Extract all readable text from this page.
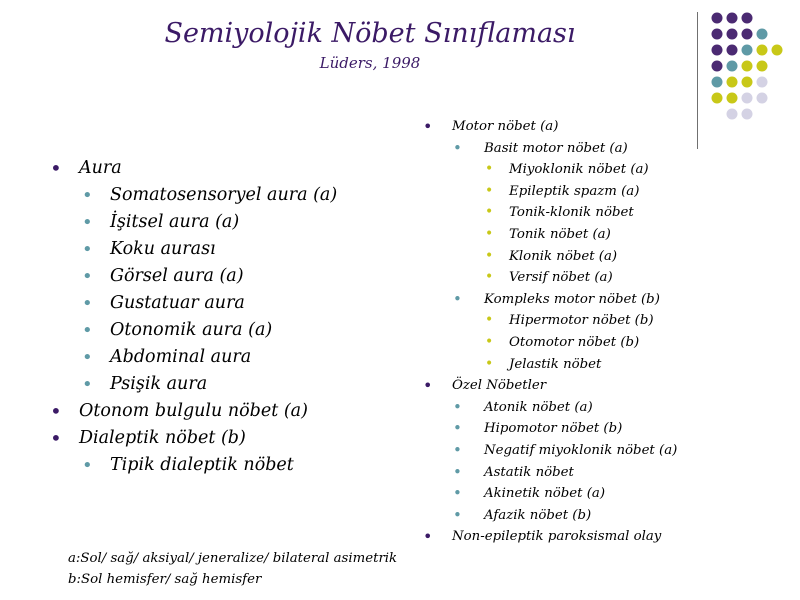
Semiyolojik Nöbet Sınıflaması
Lüders, 1998
• Aura
• Somatosensoryel aura (a)
• İşitsel aura (a)
• Koku aurası
• Görsel aura (a)
• Gustatuar aura
• Otonomik aura (a)
• Abdominal aura
• Psişik aura
• Otonom bulgulu nöbet (a)
• Dialeptik nöbet (b)
• Tipik dialeptik nöbet
• Motor nöbet (a)
• Basit motor nöbet (a)
• Miyoklonik nöbet (a)
• Epileptik spazm (a)
• Tonik-klonik nöbet
• Tonik nöbet (a)
• Klonik nöbet (a)
• Versif nöbet (a)
• Kompleks motor nöbet (b)
• Hipermotor nöbet (b)
• Otomotor nöbet (b)
• Jelastik nöbet
• Özel Nöbetler
• Atonik nöbet (a)
• Hipomotor nöbet (b)
• Negatif miyoklonik nöbet (a)
• Astatik nöbet
• Akinetik nöbet (a)
• Afazik nöbet (b)
• Non-epileptik paroksismal olay
a:Sol/ sağ/ aksiyal/ jeneralize/ bilateral asimetrik
b:Sol hemisfer/ sağ hemisfer
